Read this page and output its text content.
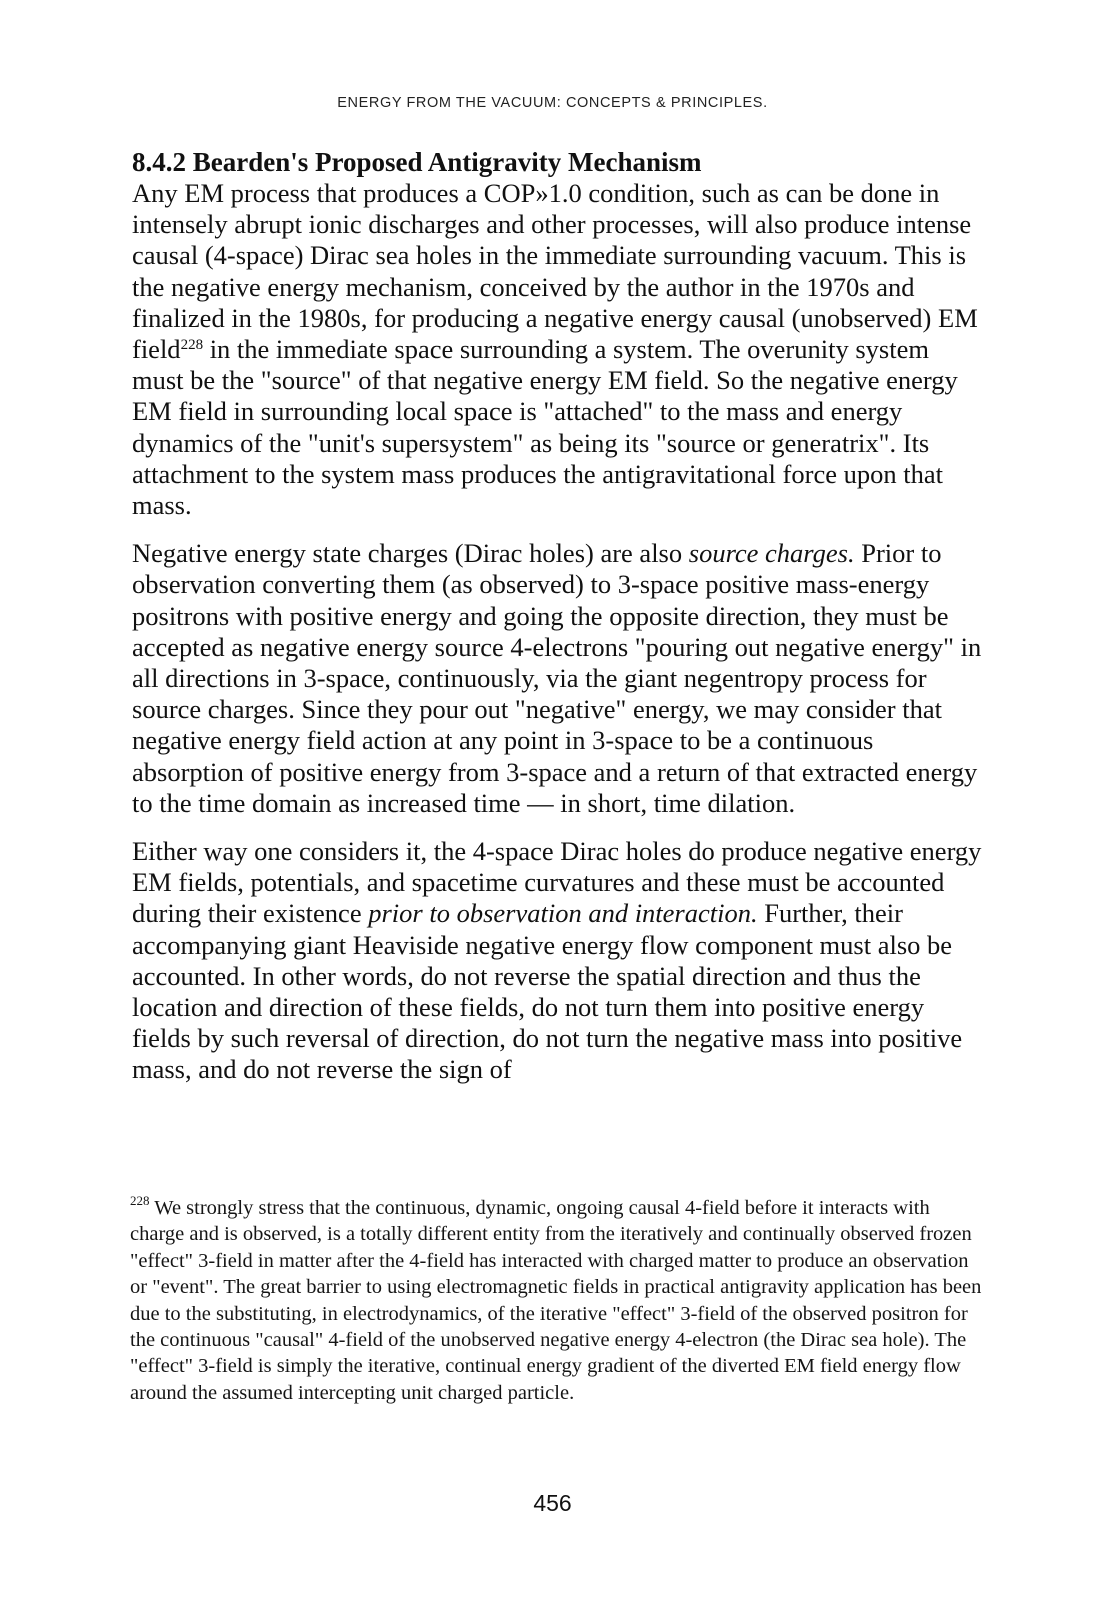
ENERGY FROM THE VACUUM: CONCEPTS & PRINCIPLES.
8.4.2 Bearden's Proposed Antigravity Mechanism

Any EM process that produces a COP»1.0 condition, such as can be done in intensely abrupt ionic discharges and other processes, will also produce intense causal (4-space) Dirac sea holes in the immediate surrounding vacuum. This is the negative energy mechanism, conceived by the author in the 1970s and finalized in the 1980s, for producing a negative energy causal (unobserved) EM field$^{228}$ in the immediate space surrounding a system. The overunity system must be the "source" of that negative energy EM field. So the negative energy EM field in surrounding local space is "attached" to the mass and energy dynamics of the "unit's supersystem" as being its "source or generatrix". Its attachment to the system mass produces the antigravitational force upon that mass.

Negative energy state charges (Dirac holes) are also source charges. Prior to observation converting them (as observed) to 3-space positive mass-energy positrons with positive energy and going the opposite direction, they must be accepted as negative energy source 4-electrons "pouring out negative energy" in all directions in 3-space, continuously, via the giant negentropy process for source charges. Since they pour out "negative" energy, we may consider that negative energy field action at any point in 3-space to be a continuous absorption of positive energy from 3-space and a return of that extracted energy to the time domain as increased time — in short, time dilation.

Either way one considers it, the 4-space Dirac holes do produce negative energy EM fields, potentials, and spacetime curvatures and these must be accounted during their existence prior to observation and interaction. Further, their accompanying giant Heaviside negative energy flow component must also be accounted. In other words, do not reverse the spatial direction and thus the location and direction of these fields, do not turn them into positive energy fields by such reversal of direction, do not turn the negative mass into positive mass, and do not reverse the sign of

$^{228}$ We strongly stress that the continuous, dynamic, ongoing causal 4-field before it interacts with charge and is observed, is a totally different entity from the iteratively and continually observed frozen "effect" 3-field in matter after the 4-field has interacted with charged matter to produce an observation or "event". The great barrier to using electromagnetic fields in practical antigravity application has been due to the substituting, in electrodynamics, of the iterative "effect" 3-field of the observed positron for the continuous "causal" 4-field of the unobserved negative energy 4-electron (the Dirac sea hole). The "effect" 3-field is simply the iterative, continual energy gradient of the diverted EM field energy flow around the assumed intercepting unit charged particle.

456
